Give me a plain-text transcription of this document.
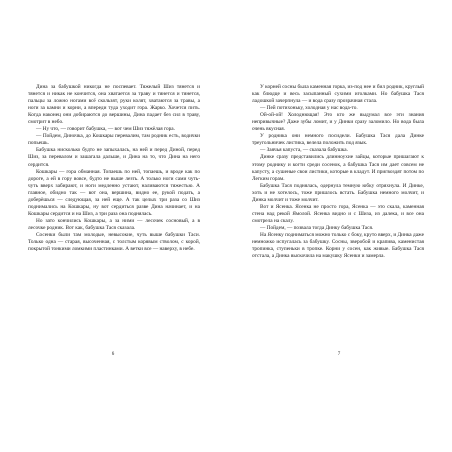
Дина за бабушкой никогда не поспевает. Тяжелый Шиз тянется и тянется и никак не кончится, она хватается за траву и тянется и тянется, пальцы за ложно ногами всё скользят, руки колят, хватаются за травы, а ноги за камни и корни, а впереди туда уходит гора. Жарко. Хочется пить. Когда наконец они добираются до вершины, Дина падает без сил в траву, смотрит в небо.

— Ну что, — говорит бабушка, — вот чем Шиз тяжёлая гора.

— Пойдем, Диночка, до Кошкары перевалим, там родник есть, водички попьешь.

Бабушка нисколько будто не запыхалась, на ней и перед Диной, перед Шиз, за перевалом и зашагала дальше, и Дина на то, что Дина на него сердится.

Кошкары — гора обманная. Топаешь по ней, топаешь, и вроде как по дороге, а ей в гору вовсе, будто не выше лезть. А только ноги сами чуть-чуть вверх забирают, и ноги медленно устают, наливаются тяжестью. А главное, обидно так — вот она, вершина, видно ее, рукой подать, а доберёшься — следующая, за ней еще. А так целых три раза со Шиз поднимались на Кошкары, ну вот сердиться разве Дина начинает, и на Кошкары сердится и на Шиз, а три раза она поднялась.

Но зато кончились Кошкары, а за ними — лесочек сосновый, а в лесочке родник. Вот как, бабушка Тася сказала.

Сосенки были там молодые, невысокие, чуть выше бабушки Таси. Только одна — старая, высоченная, с толстым корявым стволом, с корой, покрытой тонкими ломкими пластинками. А ветки все — наверху, в небе.

6

У корней сосны была каменная горка, из-под нее и бил родник, круглый как блюдце и весь засыпанный сухими иголками. Но бабушка Тася ладошкой зачерпнула — и вода сразу прозрачная стала.

— Пей потихоньку, холодная у нас вода-то.

Ой-ой-ой! Холоднющая! Это кто же выдумал все эти знания непривычные? Даже зубы ломит, и у Динки сразу заломило. Но вода была очень вкусная.

У родника они немного посидели. Бабушка Тася дала Динке треугольничек листика, велела положить под язык.

— Заячья капуста, — сказала бабушка.

Динке сразу представились длинноухие зайцы, которые пришагают к этому роднику и когти среди сосенок, а бабушка Тася им дает совсем не капусту, а сушеные свои листики, которые в кладут. И пригвоздят потом по Легким горам.

Бабушка Тася поднялась, одернула темную юбку отряхнула. И Динке, хоть и не хотелось, тоже пришлось встать. Бабушка немного молчит, и Динка молчит и тоже молчит.

Вот и Ясенка. Ясенка не просто гора, Ясенка — это скала, каменная стена над рекой Ямолой. Ясенка видно и с Шиза, из далека, и все она смотрела на скалу.

— Пойдем, — позвала тогда Динку бабушка Тася.

На Ясенку подниматься можно только с боку, круто вверх, и Динка даже немножко испугалась за бабушку. Сосны, зверобой и крапива, каменистая тропинка, ступеньки в тропке. Корни у сосен, как живые. Бабушка Тася отстала, а Динка выскочила на макушку Ясенки и замерла.

7
